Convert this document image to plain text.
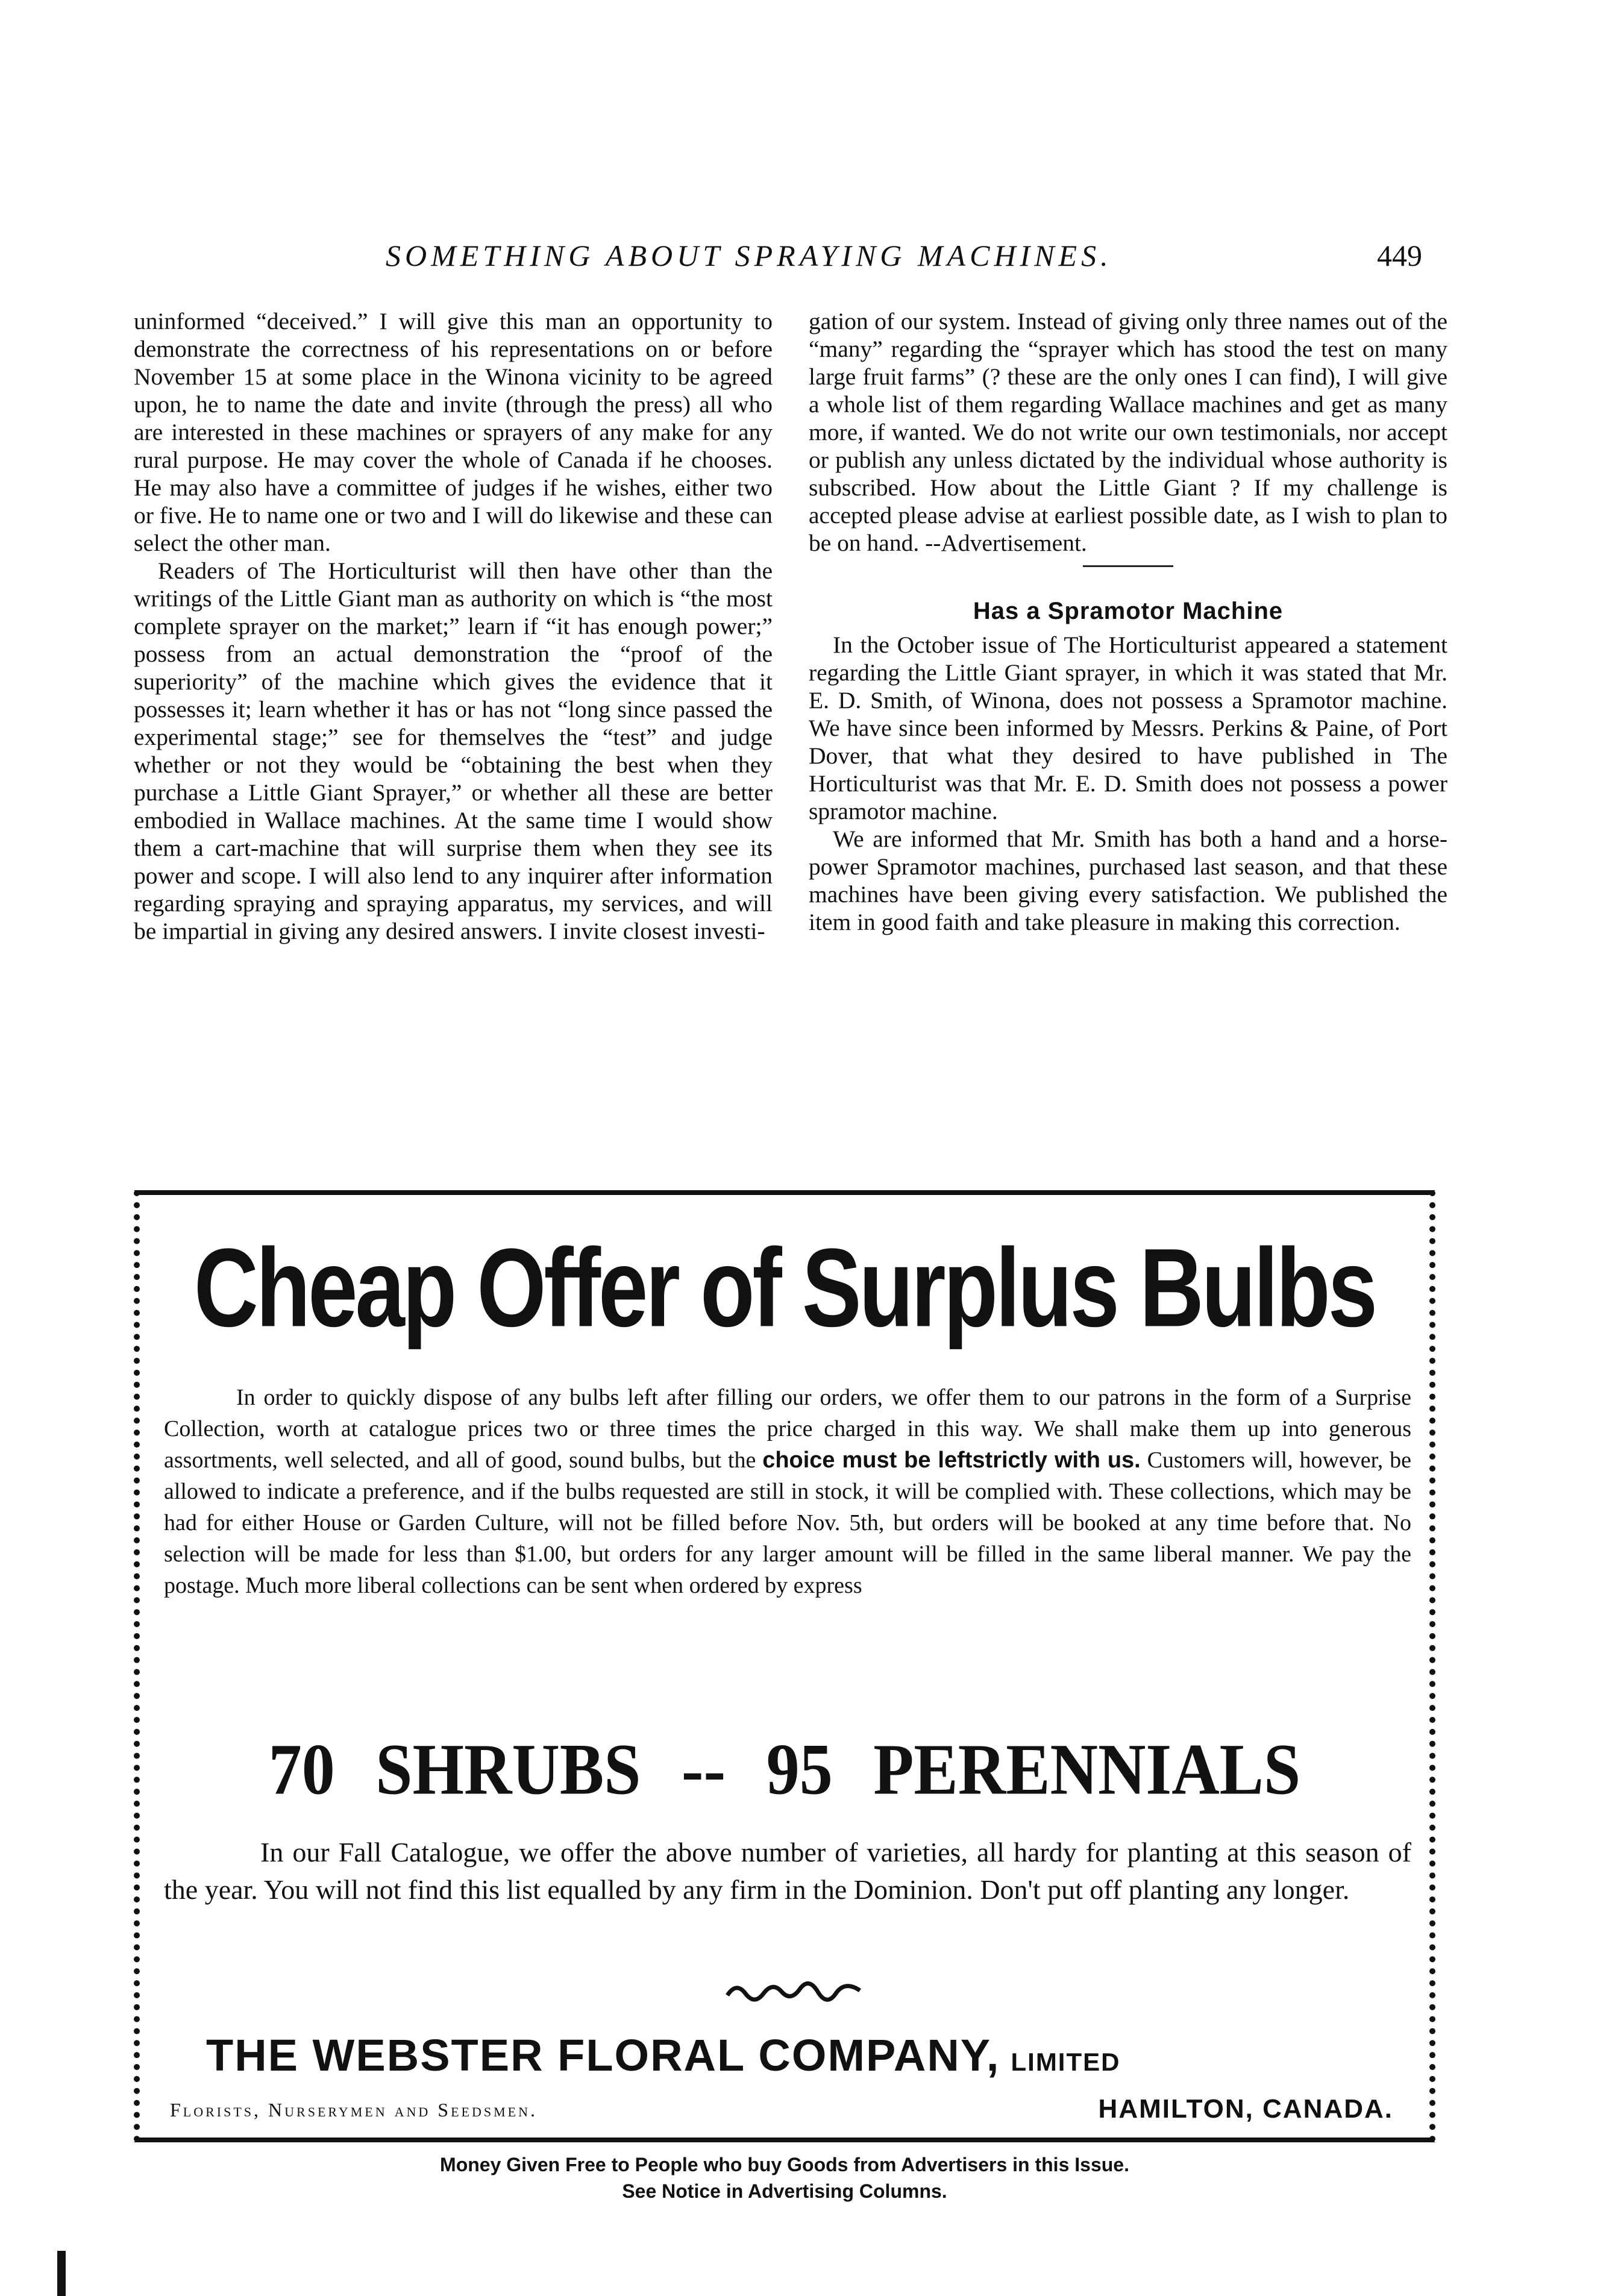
SOMETHING ABOUT SPRAYING MACHINES.	449

uninformed “deceived.” I will give this man an opportunity to demonstrate the correctness of his representations on or before November 15 at some place in the Winona vicinity to be agreed upon, he to name the date and invite (through the press) all who are interested in these machines or sprayers of any make for any rural purpose. He may cover the whole of Canada if he chooses. He may also have a committee of judges if he wishes, either two or five. He to name one or two and I will do likewise and these can select the other man.

Readers of The Horticulturist will then have other than the writings of the Little Giant man as authority on which is “the most complete sprayer on the market;” learn if “it has enough power;” possess from an actual demonstration the “proof of the superiority” of the machine which gives the evidence that it possesses it; learn whether it has or has not “long since passed the experimental stage;” see for themselves the “test” and judge whether or not they would be “obtaining the best when they purchase a Little Giant Sprayer,” or whether all these are better embodied in Wallace machines. At the same time I would show them a cart-machine that will surprise them when they see its power and scope. I will also lend to any inquirer after information regarding spraying and spraying apparatus, my services, and will be impartial in giving any desired answers. I invite closest investi-

gation of our system. Instead of giving only three names out of the “many” regarding the “sprayer which has stood the test on many large fruit farms” (? these are the only ones I can find), I will give a whole list of them regarding Wallace machines and get as many more, if wanted. We do not write our own testimonials, nor accept or publish any unless dictated by the individual whose authority is subscribed. How about the Little Giant ? If my challenge is accepted please advise at earliest possible date, as I wish to plan to be on hand. --Advertisement.

Has a Spramotor Machine

In the October issue of The Horticulturist appeared a statement regarding the Little Giant sprayer, in which it was stated that Mr. E. D. Smith, of Winona, does not possess a Spramotor machine. We have since been informed by Messrs. Perkins & Paine, of Port Dover, that what they desired to have published in The Horticulturist was that Mr. E. D. Smith does not possess a power spramotor machine.

We are informed that Mr. Smith has both a hand and a horse-power Spramotor machines, purchased last season, and that these machines have been giving every satisfaction. We published the item in good faith and take pleasure in making this correction.

Cheap Offer of Surplus Bulbs

In order to quickly dispose of any bulbs left after filling our orders, we offer them to our patrons in the form of a Surprise Collection, worth at catalogue prices two or three times the price charged in this way. We shall make them up into generous assortments, well selected, and all of good, sound bulbs, but the choice must be leftstrictly with us. Customers will, however, be allowed to indicate a preference, and if the bulbs requested are still in stock, it will be complied with. These collections, which may be had for either House or Garden Culture, will not be filled before Nov. 5th, but orders will be booked at any time before that. No selection will be made for less than $1.00, but orders for any larger amount will be filled in the same liberal manner. We pay the postage. Much more liberal collections can be sent when ordered by express

70 SHRUBS -- 95 PERENNIALS

In our Fall Catalogue, we offer the above number of varieties, all hardy for planting at this season of the year. You will not find this list equalled by any firm in the Dominion. Don't put off planting any longer.

THE WEBSTER FLORAL COMPANY, LIMITED
Florists, Nurserymen and Seedsmen.	HAMILTON, CANADA.
Money Given Free to People who buy Goods from Advertisers in this Issue.
See Notice in Advertising Columns.
